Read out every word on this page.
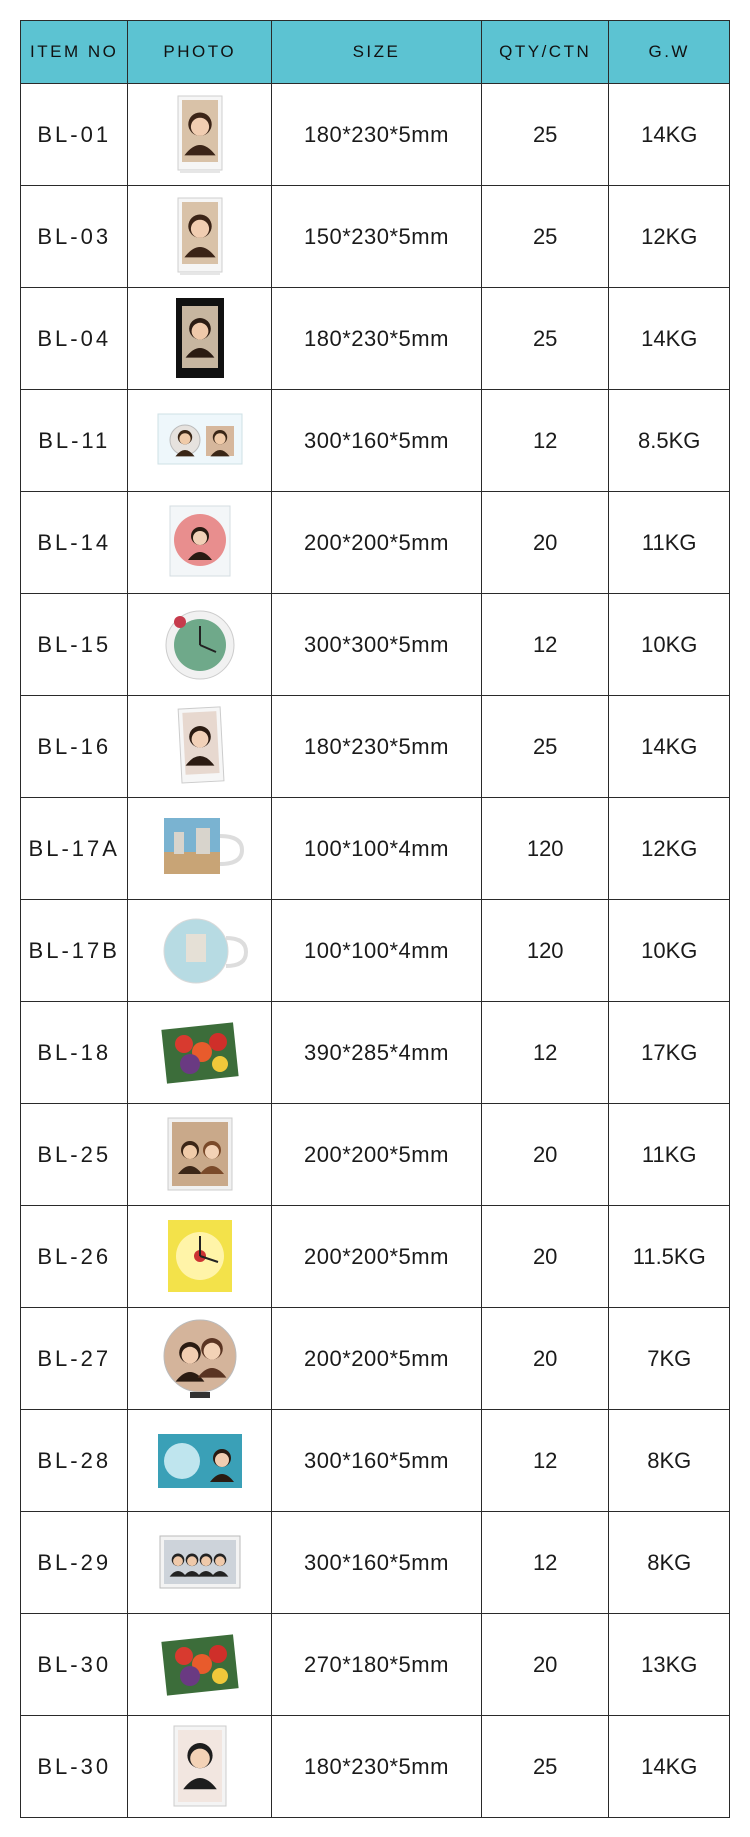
ITEM NO	PHOTO	SIZE	QTY/CTN	G.W
BL-01		180*230*5mm	25	14KG
BL-03		150*230*5mm	25	12KG
BL-04		180*230*5mm	25	14KG
BL-11		300*160*5mm	12	8.5KG
BL-14		200*200*5mm	20	11KG
BL-15		300*300*5mm	12	10KG
BL-16		180*230*5mm	25	14KG
BL-17A		100*100*4mm	120	12KG
BL-17B		100*100*4mm	120	10KG
BL-18		390*285*4mm	12	17KG
BL-25		200*200*5mm	20	11KG
BL-26		200*200*5mm	20	11.5KG
BL-27		200*200*5mm	20	7KG
BL-28		300*160*5mm	12	8KG
BL-29		300*160*5mm	12	8KG
BL-30		270*180*5mm	20	13KG
BL-30		180*230*5mm	25	14KG
